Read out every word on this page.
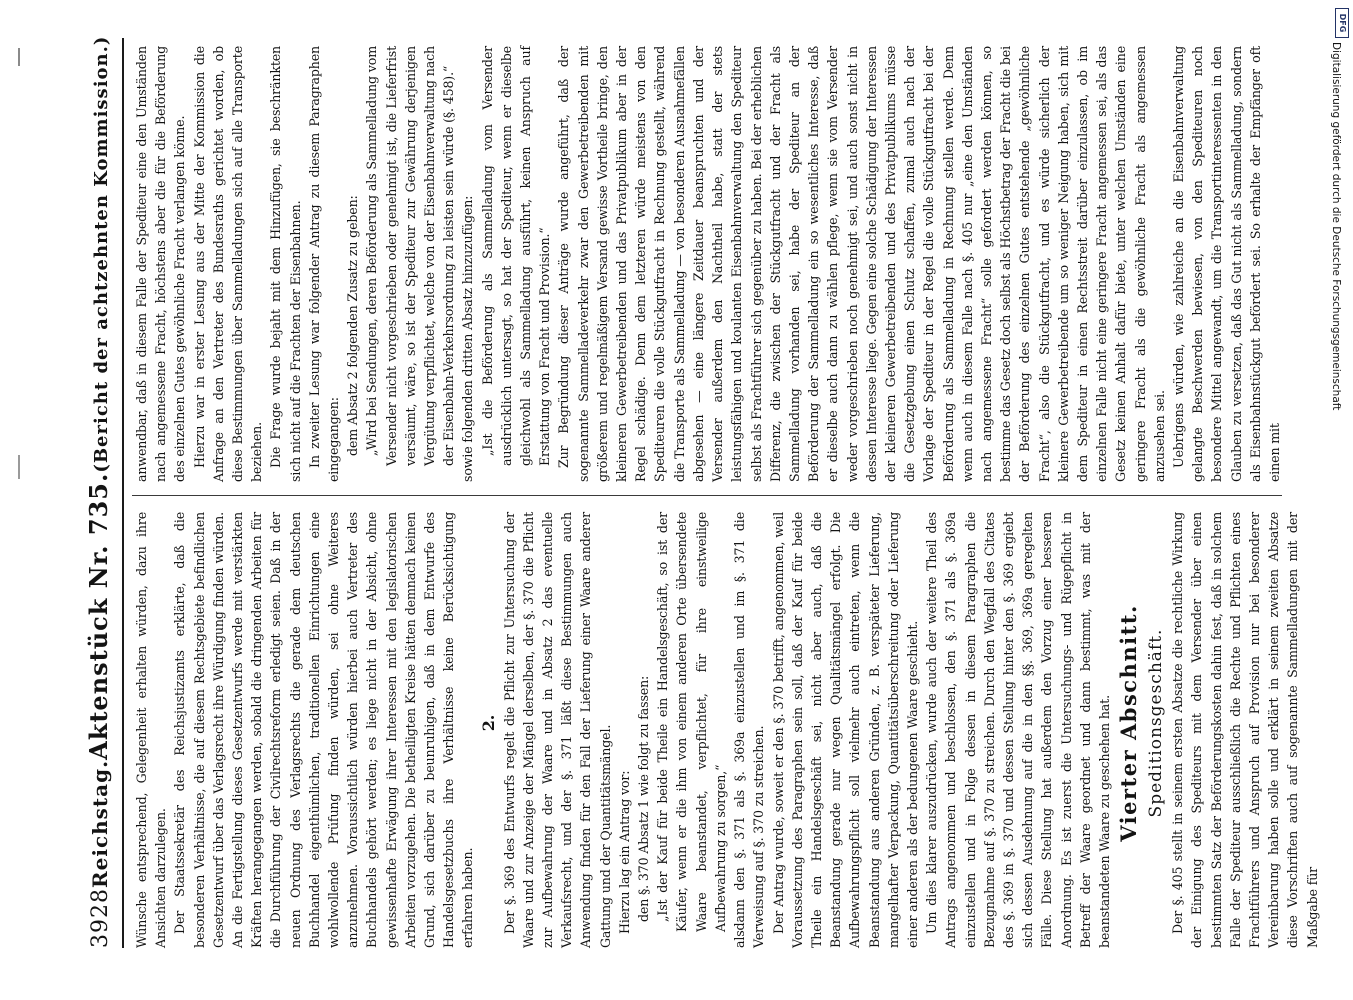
3928
Reichstag.
Aktenstück Nr. 735.
(Bericht der achtzehnten Kommission.)

Wünsche entsprechend, Gelegenheit erhalten würden, dazu ihre Ansichten darzulegen. Der Staatssekretär des Reichsjustizamts erklärte, daß die besonderen Verhältnisse, die auf diesem Rechtsgebiete befindlichen Gesetzentwurf über das Verlagsrecht ihre Würdigung finden würden. An die Fertigstellung dieses Gesetzentwurfs werde mit verstärkten Kräften herangegangen werden, sobald die dringenden Arbeiten für die Durchführung der Civilrechtsreform erledigt seien. Daß in der neuen Ordnung des Verlagsrechts die gerade dem deutschen Buchhandel eigenthümlichen, traditionellen Einrichtungen eine wohlwollende Prüfung finden würden, sei ohne Weiteres anzunehmen. Voraussichtlich würden hierbei auch Vertreter des Buchhandels gehört werden; es liege nicht in der Absicht, ohne gewissenhafte Erwägung ihrer Interessen mit den legislatorischen Arbeiten vorzugehen. Die betheiligten Kreise hätten demnach keinen Grund, sich darüber zu beunruhigen, daß in dem Entwurfe des Handelsgesetzbuchs ihre Verhältnisse keine Berücksichtigung erfahren haben.

2. Der §. 369 des Entwurfs regelt die Pflicht zur Untersuchung der Waare und zur Anzeige der Mängel derselben, der §. 370 die Pflicht zur Aufbewahrung der Waare und in Absatz 2 das eventuelle Verkaufsrecht, und der §. 371 läßt diese Bestimmungen auch Anwendung finden für den Fall der Lieferung einer Waare anderer Gattung und der Quantitätsmängel. Hierzu lag ein Antrag vor: den §. 370 Absatz 1 wie folgt zu fassen: „Ist der Kauf für beide Theile ein Handelsgeschäft, so ist der Käufer, wenn er die ihm von einem anderen Orte übersendete Waare beanstandet, verpflichtet, für ihre einstweilige Aufbewahrung zu sorgen,“ alsdann den §. 371 als §. 369a einzustellen und im §. 371 die Verweisung auf §. 370 zu streichen. Der Antrag wurde, soweit er den §. 370 betrifft, angenommen, weil Voraussetzung des Paragraphen sein soll, daß der Kauf für beide Theile ein Handelsgeschäft sei, nicht aber auch, daß die Beanstandung gerade nur wegen Qualitätsmängel erfolgt. Die Aufbewahrungspflicht soll vielmehr auch eintreten, wenn die Beanstandung aus anderen Gründen, z. B. verspäteter Lieferung, mangelhafter Verpackung, Quantitätsüberschreitung oder Lieferung einer anderen als der bedungenen Waare geschieht. Um dies klarer auszudrücken, wurde auch der weitere Theil des Antrags angenommen und beschlossen, den §. 371 als §. 369a einzustellen und in Folge dessen in diesem Paragraphen die Bezugnahme auf §. 370 zu streichen. Durch den Wegfall des Citates des §. 369 in §. 370 und dessen Stellung hinter den §. 369 ergiebt sich dessen Ausdehnung auf die in den §§. 369, 369a geregelten Fälle. Diese Stellung hat außerdem den Vorzug einer besseren Anordnung. Es ist zuerst die Untersuchungs- und Rügepflicht in Betreff der Waare geordnet und dann bestimmt, was mit der beanstandeten Waare zu geschehen hat. Vierter Abschnitt. Speditionsgeschäft. Der §. 405 stellt in seinem ersten Absatze die rechtliche Wirkung der Einigung des Spediteurs mit dem Versender über einen bestimmten Satz der Beförderungskosten dahin fest, daß in solchem Falle der Spediteur ausschließlich die Rechte und Pflichten eines Frachtführers und Anspruch auf Provision nur bei besonderer Vereinbarung haben solle und erklärt in seinem zweiten Absatze diese Vorschriften auch auf sogenannte Sammelladungen mit der Maßgabe für

anwendbar, daß in diesem Falle der Spediteur eine den Umständen nach angemessene Fracht, höchstens aber die für die Beförderung des einzelnen Gutes gewöhnliche Fracht verlangen könne. Hierzu war in erster Lesung aus der Mitte der Kommission die Anfrage an den Vertreter des Bundesraths gerichtet worden, ob diese Bestimmungen über Sammelladungen sich auf alle Transporte beziehen. Die Frage wurde bejaht mit dem Hinzufügen, sie beschränkten sich nicht auf die Frachten der Eisenbahnen. In zweiter Lesung war folgender Antrag zu diesem Paragraphen eingegangen: dem Absatz 2 folgenden Zusatz zu geben: „Wird bei Sendungen, deren Beförderung als Sammelladung vom Versender nicht vorgeschrieben oder genehmigt ist, die Lieferfrist versäumt, wäre, so ist der Spediteur zur Gewährung derjenigen Vergütung verpflichtet, welche von der Eisenbahnverwaltung nach der Eisenbahn-Verkehrsordnung zu leisten sein würde (§. 458).“ sowie folgenden dritten Absatz hinzuzufügen: „Ist die Beförderung als Sammelladung vom Versender ausdrücklich untersagt, so hat der Spediteur, wenn er dieselbe gleichwohl als Sammelladung ausführt, keinen Anspruch auf Erstattung von Fracht und Provision.“ Zur Begründung dieser Anträge wurde angeführt, daß der sogenannte Sammelladeverkehr zwar den Gewerbetreibenden mit größerem und regelmäßigem Versand gewisse Vortheile bringe, den kleineren Gewerbetreibenden und das Privatpublikum aber in der Regel schädige. Denn dem letzteren würde meistens von den Spediteuren die volle Stückgutfracht in Rechnung gestellt, während die Transporte als Sammelladung — von besonderen Ausnahmefällen abgesehen — eine längere Zeitdauer beanspruchten und der Versender außerdem den Nachtheil habe, statt der stets leistungsfähigen und koulanten Eisenbahnverwaltung den Spediteur selbst als Frachtführer sich gegenüber zu haben. Bei der erheblichen Differenz, die zwischen der Stückgutfracht und der Fracht als Sammelladung vorhanden sei, habe der Spediteur an der Beförderung der Sammelladung ein so wesentliches Interesse, daß er dieselbe auch dann zu wählen pflege, wenn sie vom Versender weder vorgeschrieben noch genehmigt sei, und auch sonst nicht in dessen Interesse liege. Gegen eine solche Schädigung der Interessen der kleineren Gewerbetreibenden und des Privatpublikums müsse die Gesetzgebung einen Schutz schaffen, zumal auch nach der Vorlage der Spediteur in der Regel die volle Stückgutfracht bei der Beförderung als Sammelladung in Rechnung stellen werde. Denn wenn auch in diesem Falle nach §. 405 nur „eine den Umständen nach angemessene Fracht“ solle gefordert werden können, so bestimme das Gesetz doch selbst als Höchstbetrag der Fracht die bei der Beförderung des einzelnen Gutes entstehende „gewöhnliche Fracht“, also die Stückgutfracht, und es würde sicherlich der kleinere Gewerbetreibende um so weniger Neigung haben, sich mit dem Spediteur in einen Rechtsstreit darüber einzulassen, ob im einzelnen Falle nicht eine geringere Fracht angemessen sei, als das Gesetz keinen Anhalt dafür biete, unter welchen Umständen eine geringere Fracht als die gewöhnliche Fracht als angemessen anzusehen sei. Uebrigens würden, wie zahlreiche an die Eisenbahnverwaltung gelangte Beschwerden bewiesen, von den Spediteuren noch besondere Mittel angewandt, um die Transportinteressenten in den Glauben zu versetzen, daß das Gut nicht als Sammelladung, sondern als Eisenbahnstückgut befördert sei. So erhalte der Empfänger oft einen mit

DFG
Digitalisierung gefördert durch die Deutsche Forschungsgemeinschaft
